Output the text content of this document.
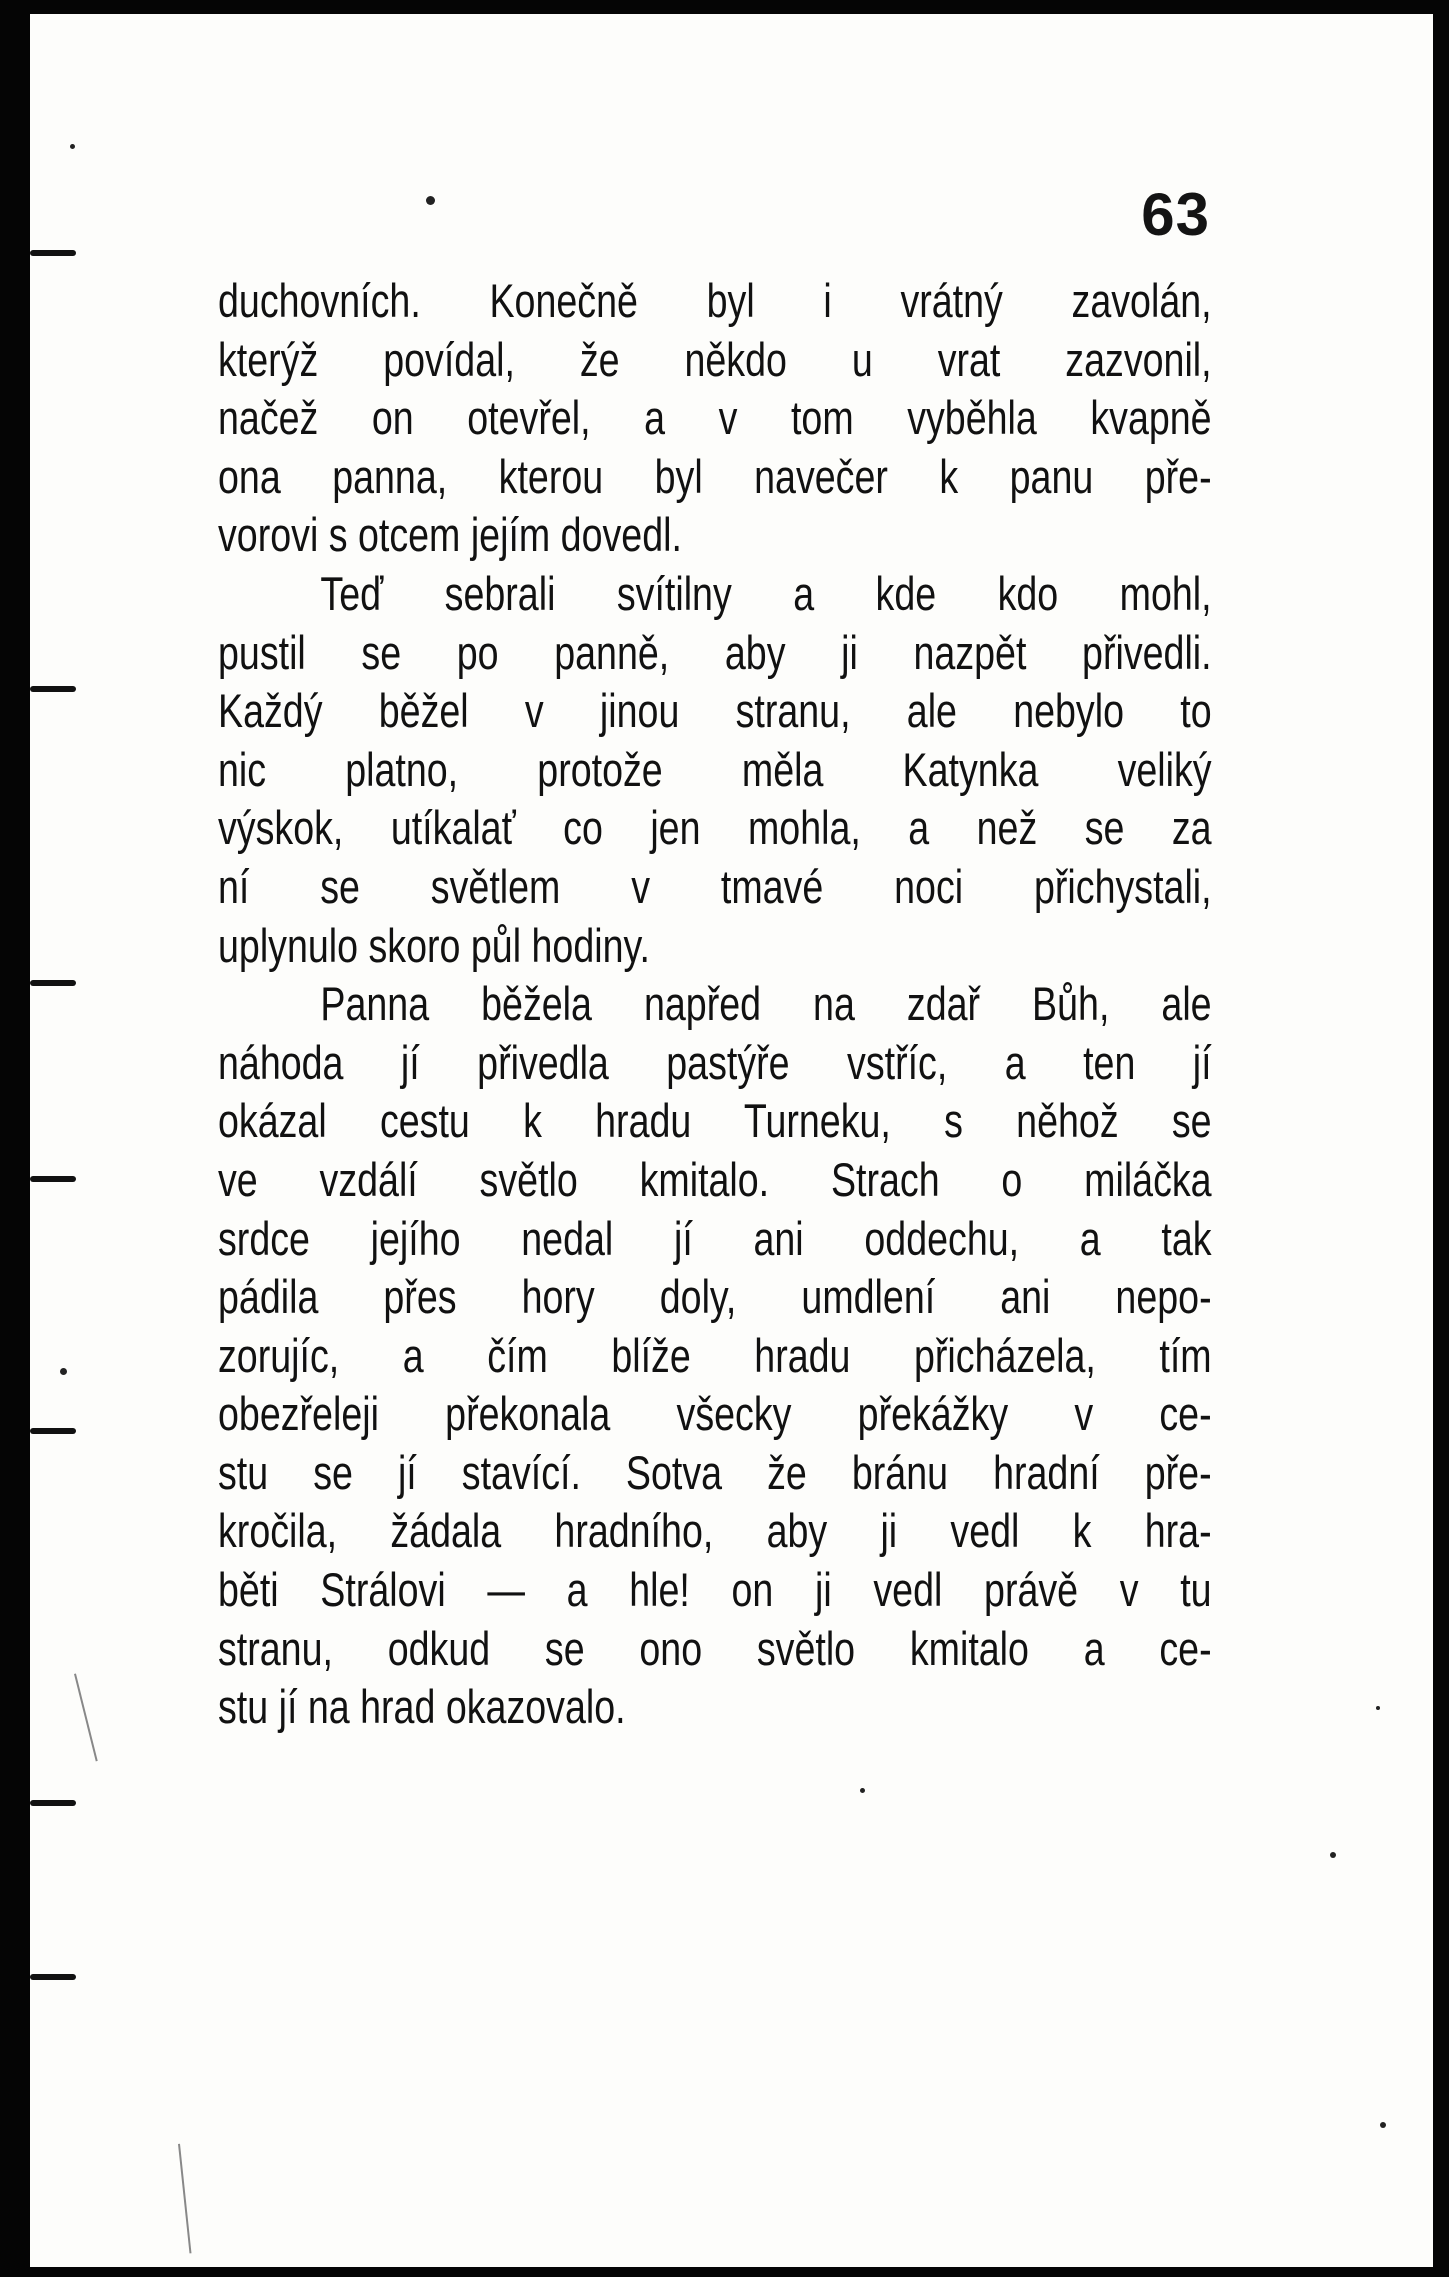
63
duchovních. Konečně byl i vrátný zavolán,
kterýž povídal, že někdo u vrat zazvonil,
načež on otevřel, a v tom vyběhla kvapně
ona panna, kterou byl navečer k panu pře-
vorovi s otcem jejím dovedl.
Teď sebrali svítilny a kde kdo mohl,
pustil se po panně, aby ji nazpět přivedli.
Každý běžel v jinou stranu, ale nebylo to
nic platno, protože měla Katynka veliký
výskok, utíkalať co jen mohla, a než se za
ní se světlem v tmavé noci přichystali,
uplynulo skoro půl hodiny.
Panna běžela napřed na zdař Bůh, ale
náhoda jí přivedla pastýře vstříc, a ten jí
okázal cestu k hradu Turneku, s něhož se
ve vzdálí světlo kmitalo. Strach o miláčka
srdce jejího nedal jí ani oddechu, a tak
pádila přes hory doly, umdlení ani nepo-
zorujíc, a čím blíže hradu přicházela, tím
obezřeleji překonala všecky překážky v ce-
stu se jí stavící. Sotva že bránu hradní pře-
kročila, žádala hradního, aby ji vedl k hra-
běti Strálovi — a hle! on ji vedl právě v tu
stranu, odkud se ono světlo kmitalo a ce-
stu jí na hrad okazovalo.
